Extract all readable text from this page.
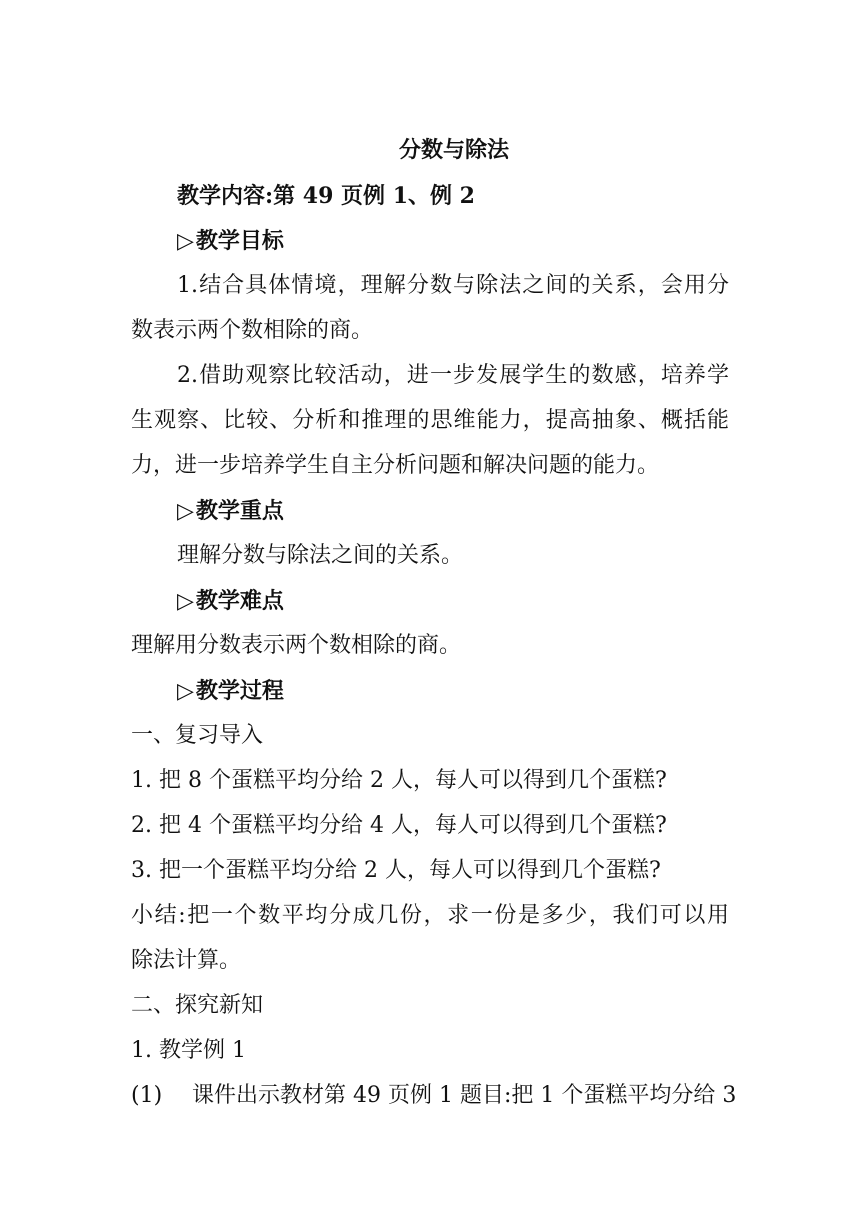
分数与除法
教学内容:第 49 页例 1、例 2
▷教学目标
1.结合具体情境，理解分数与除法之间的关系，会用分
数表示两个数相除的商。
2.借助观察比较活动，进一步发展学生的数感，培养学
生观察、比较、分析和推理的思维能力，提高抽象、概括能
力，进一步培养学生自主分析问题和解决问题的能力。
▷教学重点
理解分数与除法之间的关系。
▷教学难点
理解用分数表示两个数相除的商。
▷教学过程
一、复习导入
1. 把 8 个蛋糕平均分给 2 人，每人可以得到几个蛋糕?
2. 把 4 个蛋糕平均分给 4 人，每人可以得到几个蛋糕?
3. 把一个蛋糕平均分给 2 人，每人可以得到几个蛋糕?
小结:把一个数平均分成几份，求一份是多少，我们可以用
除法计算。
二、探究新知
1. 教学例 1
(1) 课件出示教材第 49 页例 1 题目:把 1 个蛋糕平均分给 3
